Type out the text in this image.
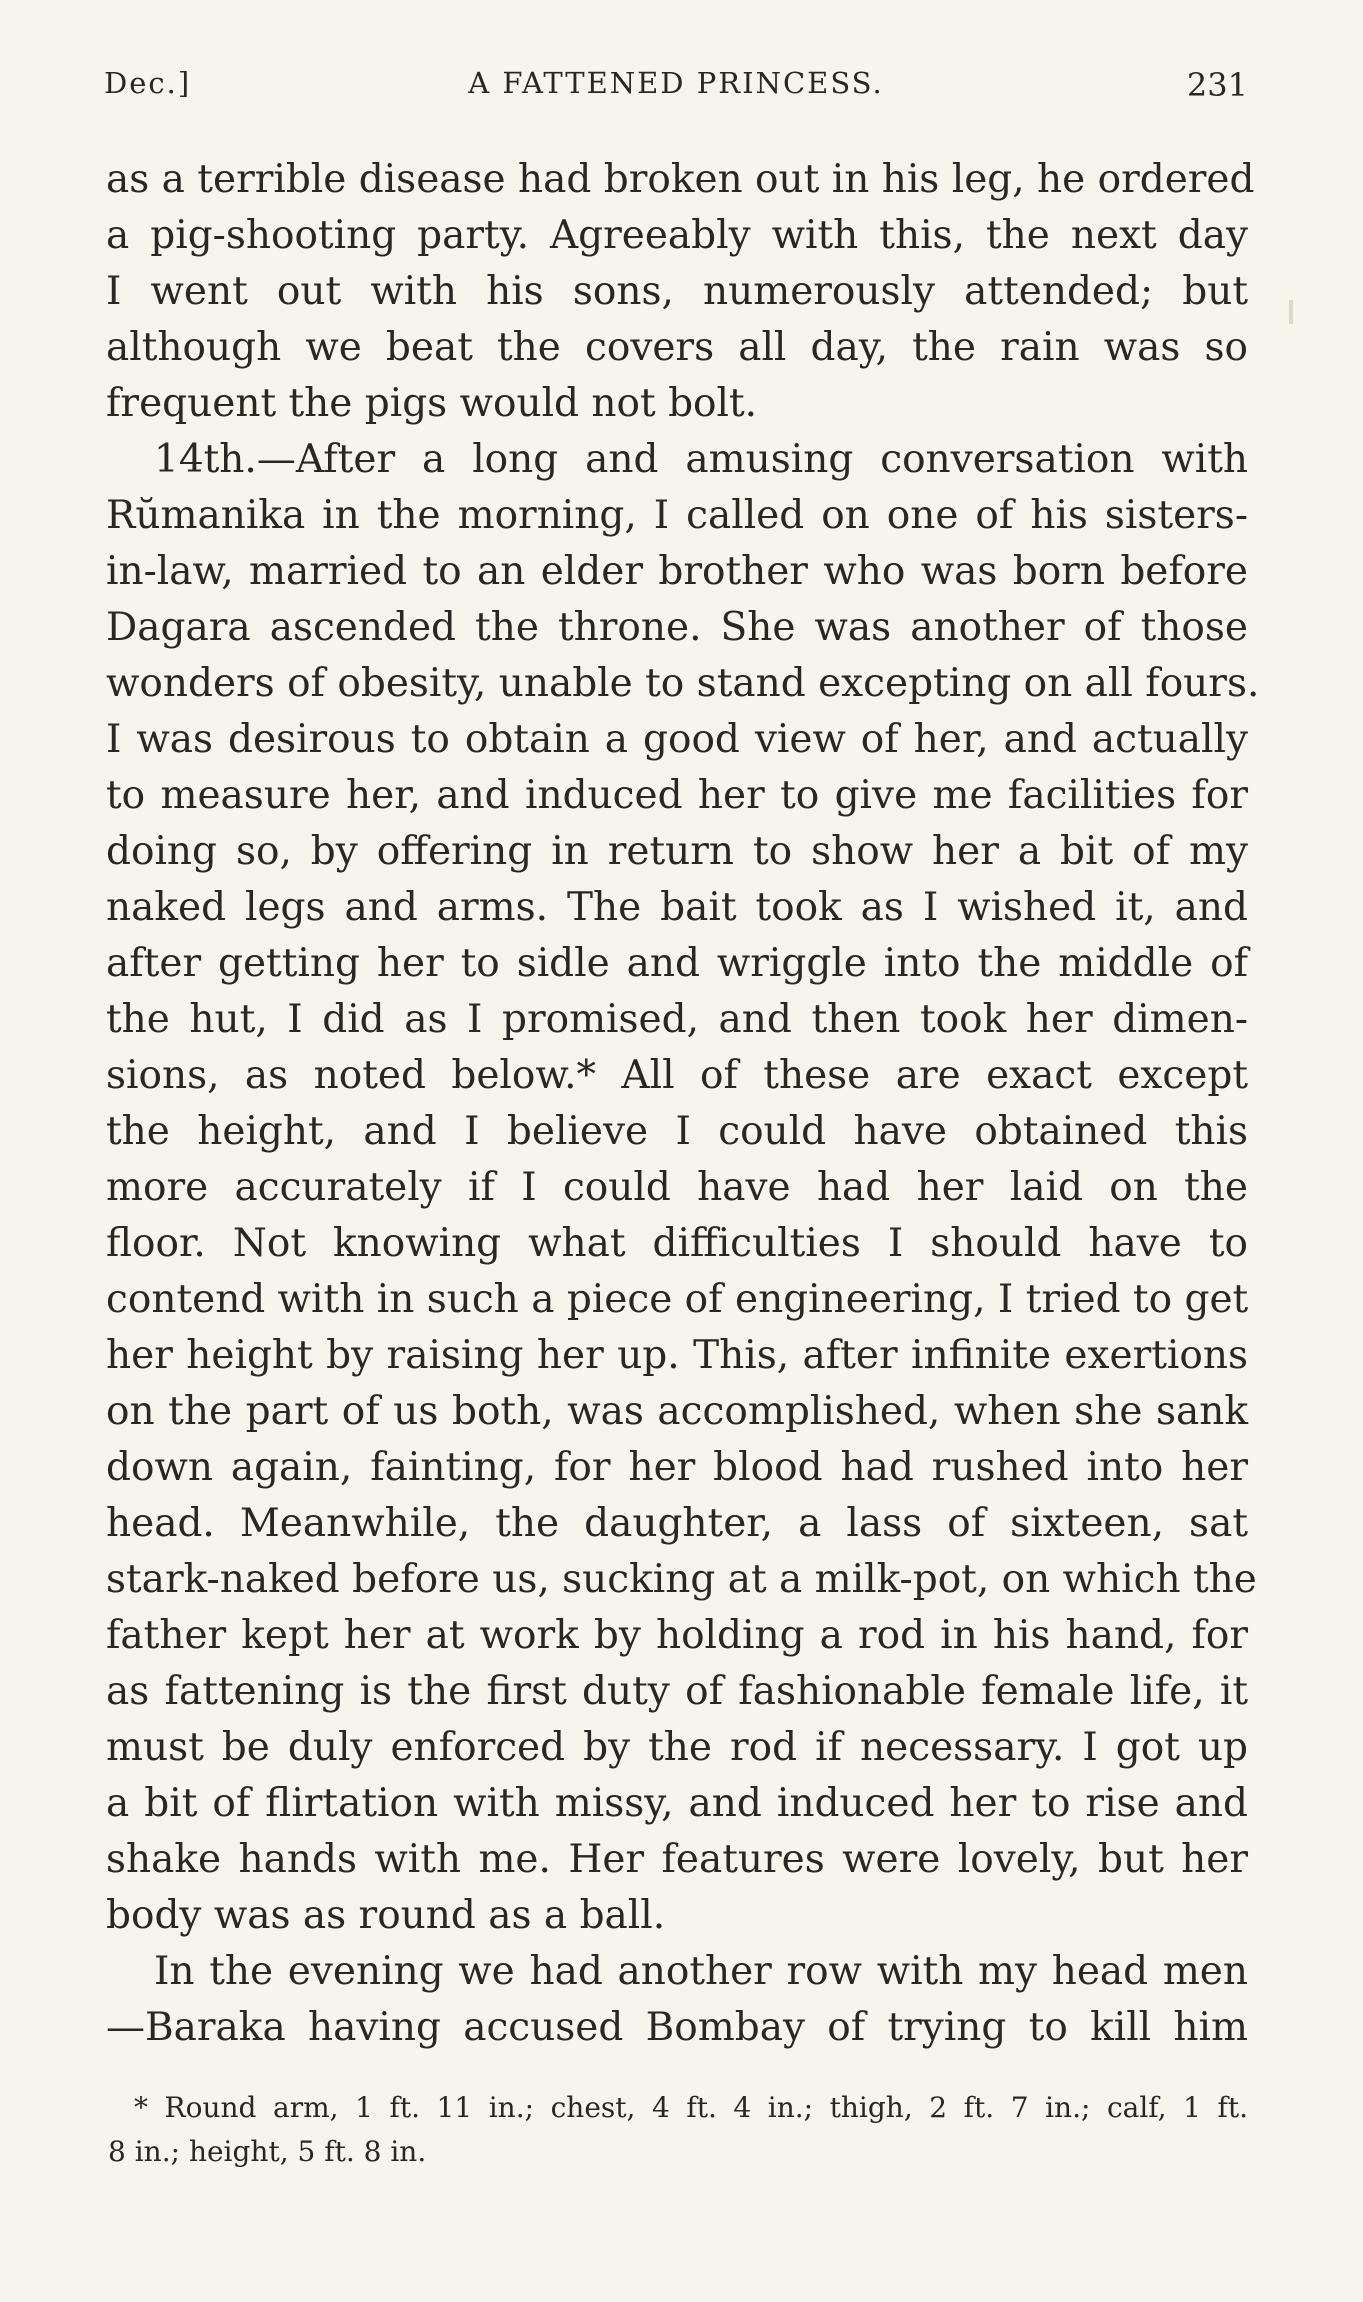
Dec.]	A FATTENED PRINCESS.	231
as a terrible disease had broken out in his leg, he ordered
a pig-shooting party. Agreeably with this, the next day
I went out with his sons, numerously attended; but
although we beat the covers all day, the rain was so
frequent the pigs would not bolt.
14th.—After a long and amusing conversation with
Rŭmanika in the morning, I called on one of his sisters-
in-law, married to an elder brother who was born before
Dagara ascended the throne. She was another of those
wonders of obesity, unable to stand excepting on all fours.
I was desirous to obtain a good view of her, and actually
to measure her, and induced her to give me facilities for
doing so, by offering in return to show her a bit of my
naked legs and arms. The bait took as I wished it, and
after getting her to sidle and wriggle into the middle of
the hut, I did as I promised, and then took her dimen-
sions, as noted below.* All of these are exact except
the height, and I believe I could have obtained this
more accurately if I could have had her laid on the
floor. Not knowing what difficulties I should have to
contend with in such a piece of engineering, I tried to get
her height by raising her up. This, after infinite exertions
on the part of us both, was accomplished, when she sank
down again, fainting, for her blood had rushed into her
head. Meanwhile, the daughter, a lass of sixteen, sat
stark-naked before us, sucking at a milk-pot, on which the
father kept her at work by holding a rod in his hand, for
as fattening is the first duty of fashionable female life, it
must be duly enforced by the rod if necessary. I got up
a bit of flirtation with missy, and induced her to rise and
shake hands with me. Her features were lovely, but her
body was as round as a ball.
In the evening we had another row with my head men
—Baraka having accused Bombay of trying to kill him
* Round arm, 1 ft. 11 in.; chest, 4 ft. 4 in.; thigh, 2 ft. 7 in.; calf, 1 ft.
8 in.; height, 5 ft. 8 in.
